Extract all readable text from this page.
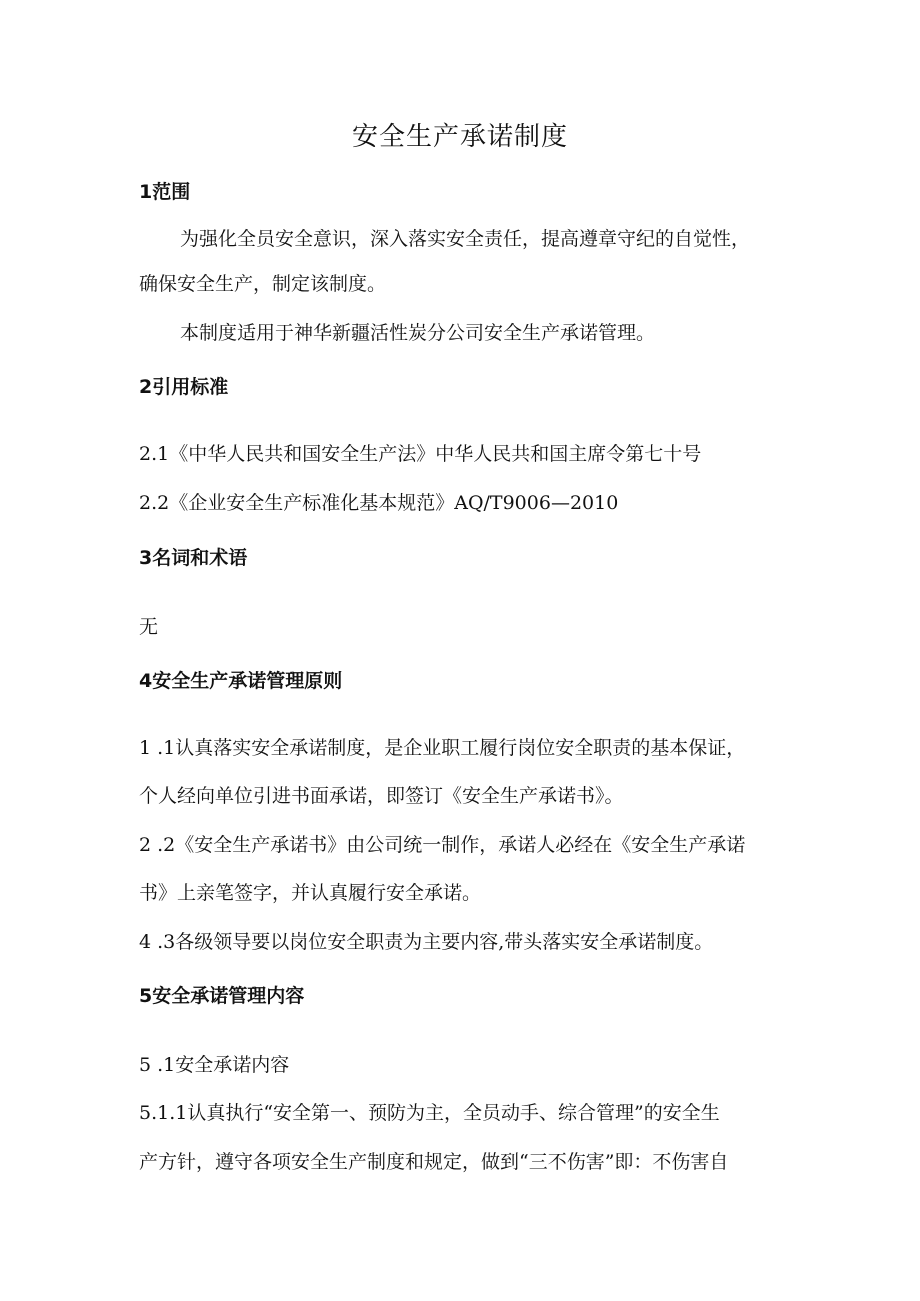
安全生产承诺制度
1范围
为强化全员安全意识，深入落实安全责任，提高遵章守纪的自觉性，
确保安全生产，制定该制度。
本制度适用于神华新疆活性炭分公司安全生产承诺管理。
2引用标准
2.1《中华人民共和国安全生产法》中华人民共和国主席令第七十号
2.2《企业安全生产标准化基本规范》AQ/T9006—2010
3名词和术语
无
4安全生产承诺管理原则
1 .1认真落实安全承诺制度，是企业职工履行岗位安全职责的基本保证，
个人经向单位引进书面承诺，即签订《安全生产承诺书》。
2 .2《安全生产承诺书》由公司统一制作，承诺人必经在《安全生产承诺
书》上亲笔签字，并认真履行安全承诺。
4 .3各级领导要以岗位安全职责为主要内容,带头落实安全承诺制度。
5安全承诺管理内容
5 .1安全承诺内容
5.1.1认真执行“安全第一、预防为主，全员动手、综合管理”的安全生
产方针，遵守各项安全生产制度和规定，做到“三不伤害”即：不伤害自
